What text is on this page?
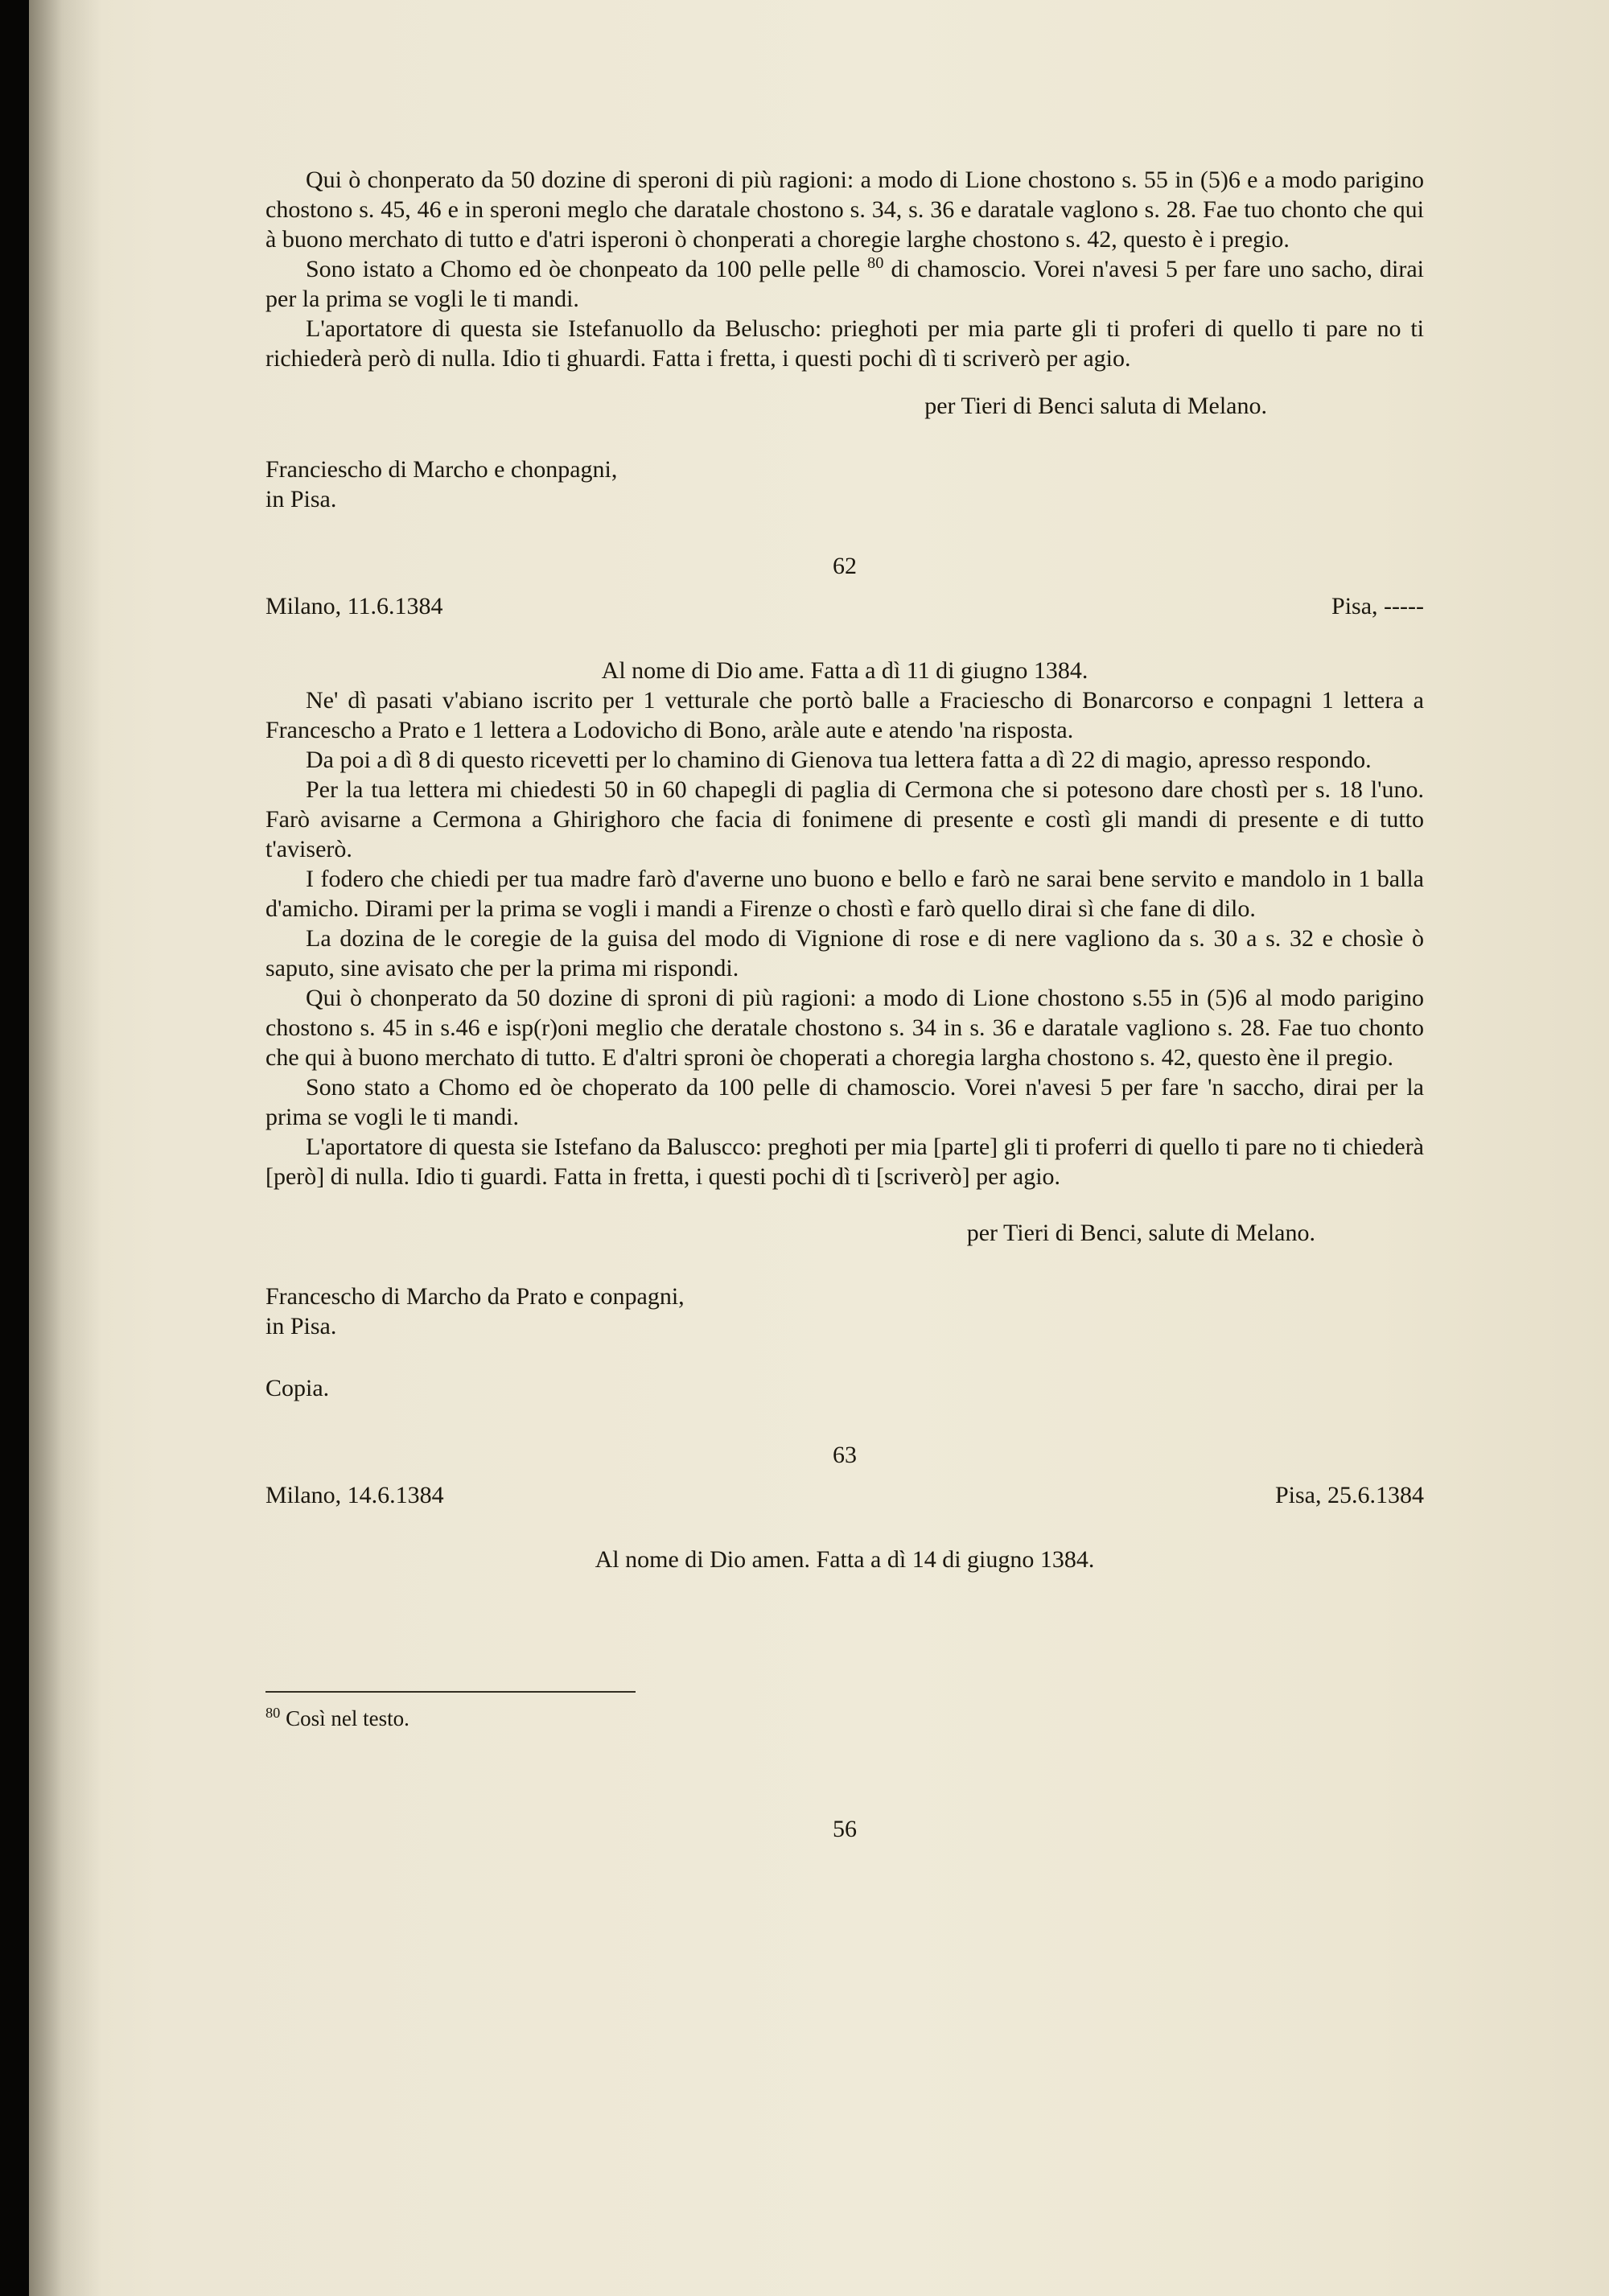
Qui ò chonperato da 50 dozine di speroni di più ragioni: a modo di Lione chostono s. 55 in (5)6 e a modo parigino chostono s. 45, 46 e in speroni meglo che daratale chostono s. 34, s. 36 e daratale vaglono s. 28. Fae tuo chonto che qui à buono merchato di tutto e d'atri isperoni ò chonperati a choregie larghe chostono s. 42, questo è i pregio.

Sono istato a Chomo ed òe chonpeato da 100 pelle pelle $^{80}$ di chamoscio. Vorei n'avesi 5 per fare uno sacho, dirai per la prima se vogli le ti mandi.

L'aportatore di questa sie Istefanuollo da Beluscho: prieghoti per mia parte gli ti proferi di quello ti pare no ti richiederà però di nulla. Idio ti ghuardi. Fatta i fretta, i questi pochi dì ti scriverò per agio.

per Tieri di Benci saluta di Melano.

Franciescho di Marcho e chonpagni,

in Pisa.

62
Milano, 11.6.1384	Pisa, -----
Al nome di Dio ame. Fatta a dì 11 di giugno 1384.

Ne' dì pasati v'abiano iscrito per 1 vetturale che portò balle a Fraciescho di Bonarcorso e conpagni 1 lettera a Francescho a Prato e 1 lettera a Lodovicho di Bono, aràle aute e atendo 'na risposta.

Da poi a dì 8 di questo ricevetti per lo chamino di Gienova tua lettera fatta a dì 22 di magio, apresso respondo.

Per la tua lettera mi chiedesti 50 in 60 chapegli di paglia di Cermona che si potesono dare chostì per s. 18 l'uno. Farò avisarne a Cermona a Ghirighoro che facia di fonimene di presente e costì gli mandi di presente e di tutto t'aviserò.

I fodero che chiedi per tua madre farò d'averne uno buono e bello e farò ne sarai bene servito e mandolo in 1 balla d'amicho. Dirami per la prima se vogli i mandi a Firenze o chostì e farò quello dirai sì che fane di dilo.

La dozina de le coregie de la guisa del modo di Vignione di rose e di nere vagliono da s. 30 a s. 32 e chosìe ò saputo, sine avisato che per la prima mi rispondi.

Qui ò chonperato da 50 dozine di sproni di più ragioni: a modo di Lione chostono s.55 in (5)6 al modo parigino chostono s. 45 in s.46 e isp(r)oni meglio che deratale chostono s. 34 in s. 36 e daratale vagliono s. 28. Fae tuo chonto che qui à buono merchato di tutto. E d'altri sproni òe choperati a choregia largha chostono s. 42, questo ène il pregio.

Sono stato a Chomo ed òe choperato da 100 pelle di chamoscio. Vorei n'avesi 5 per fare 'n saccho, dirai per la prima se vogli le ti mandi.

L'aportatore di questa sie Istefano da Baluscco: preghoti per mia [parte] gli ti proferri di quello ti pare no ti chiederà [però] di nulla. Idio ti guardi. Fatta in fretta, i questi pochi dì ti [scriverò] per agio.

per Tieri di Benci, salute di Melano.

Francescho di Marcho da Prato e conpagni,

in Pisa.

Copia.
63
Milano, 14.6.1384	Pisa, 25.6.1384
Al nome di Dio amen. Fatta a dì 14 di giugno 1384.
$^{80}$ Così nel testo.
56
